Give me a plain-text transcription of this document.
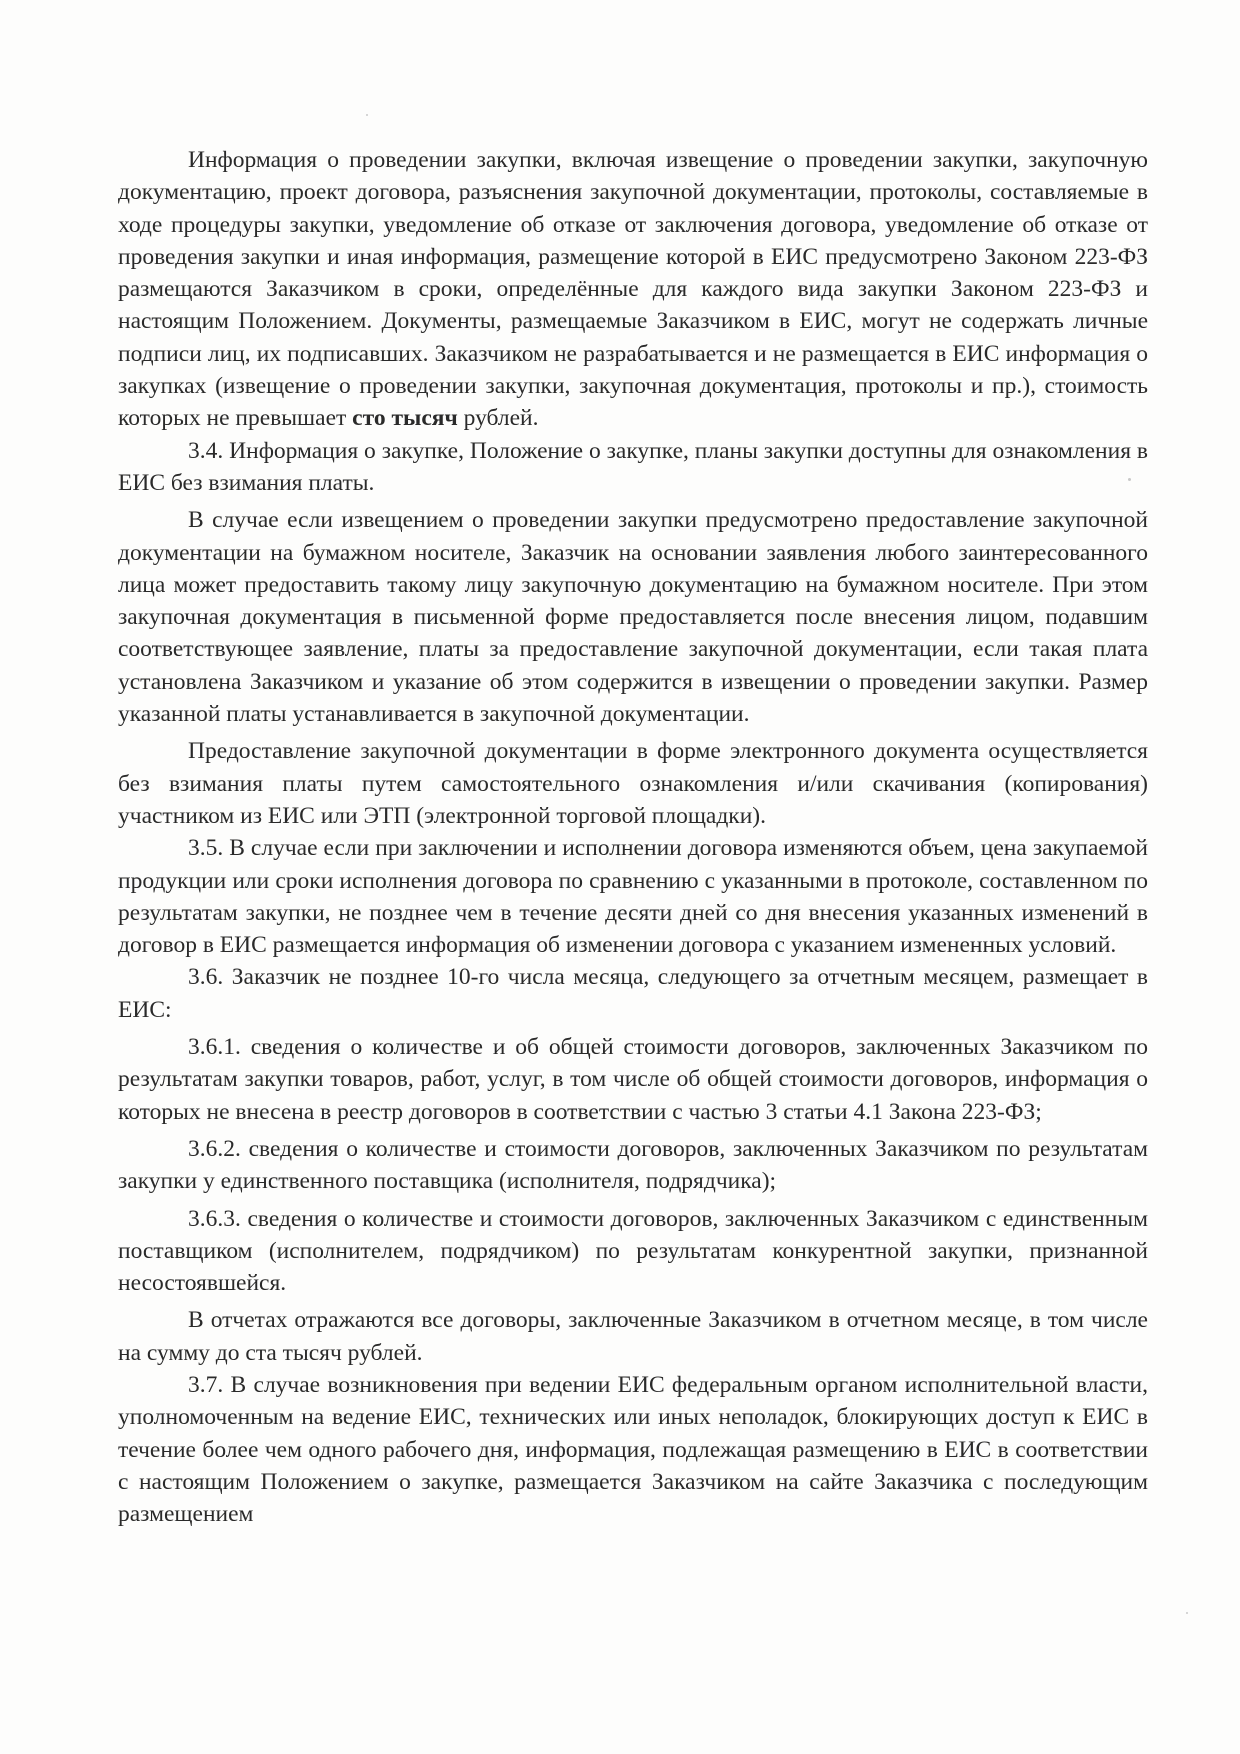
Информация о проведении закупки, включая извещение о проведении закупки, закупочную документацию, проект договора, разъяснения закупочной документации, протоколы, составляемые в ходе процедуры закупки, уведомление об отказе от заключения договора, уведомление об отказе от проведения закупки и иная информация, размещение которой в ЕИС предусмотрено Законом 223-ФЗ размещаются Заказчиком в сроки, определённые для каждого вида закупки Законом 223-ФЗ и настоящим Положением. Документы, размещаемые Заказчиком в ЕИС, могут не содержать личные подписи лиц, их подписавших. Заказчиком не разрабатывается и не размещается в ЕИС информация о закупках (извещение о проведении закупки, закупочная документация, протоколы и пр.), стоимость которых не превышает сто тысяч рублей.

3.4. Информация о закупке, Положение о закупке, планы закупки доступны для ознакомления в ЕИС без взимания платы.

В случае если извещением о проведении закупки предусмотрено предоставление закупочной документации на бумажном носителе, Заказчик на основании заявления любого заинтересованного лица может предоставить такому лицу закупочную документацию на бумажном носителе. При этом закупочная документация в письменной форме предоставляется после внесения лицом, подавшим соответствующее заявление, платы за предоставление закупочной документации, если такая плата установлена Заказчиком и указание об этом содержится в извещении о проведении закупки. Размер указанной платы устанавливается в закупочной документации.

Предоставление закупочной документации в форме электронного документа осуществляется без взимания платы путем самостоятельного ознакомления и/или скачивания (копирования) участником из ЕИС или ЭТП (электронной торговой площадки).

3.5. В случае если при заключении и исполнении договора изменяются объем, цена закупаемой продукции или сроки исполнения договора по сравнению с указанными в протоколе, составленном по результатам закупки, не позднее чем в течение десяти дней со дня внесения указанных изменений в договор в ЕИС размещается информация об изменении договора с указанием измененных условий.

3.6. Заказчик не позднее 10-го числа месяца, следующего за отчетным месяцем, размещает в ЕИС:

3.6.1. сведения о количестве и об общей стоимости договоров, заключенных Заказчиком по результатам закупки товаров, работ, услуг, в том числе об общей стоимости договоров, информация о которых не внесена в реестр договоров в соответствии с частью 3 статьи 4.1 Закона 223-ФЗ;

3.6.2. сведения о количестве и стоимости договоров, заключенных Заказчиком по результатам закупки у единственного поставщика (исполнителя, подрядчика);

3.6.3. сведения о количестве и стоимости договоров, заключенных Заказчиком с единственным поставщиком (исполнителем, подрядчиком) по результатам конкурентной закупки, признанной несостоявшейся.

В отчетах отражаются все договоры, заключенные Заказчиком в отчетном месяце, в том числе на сумму до ста тысяч рублей.

3.7. В случае возникновения при ведении ЕИС федеральным органом исполнительной власти, уполномоченным на ведение ЕИС, технических или иных неполадок, блокирующих доступ к ЕИС в течение более чем одного рабочего дня, информация, подлежащая размещению в ЕИС в соответствии с настоящим Положением о закупке, размещается Заказчиком на сайте Заказчика с последующим размещением
